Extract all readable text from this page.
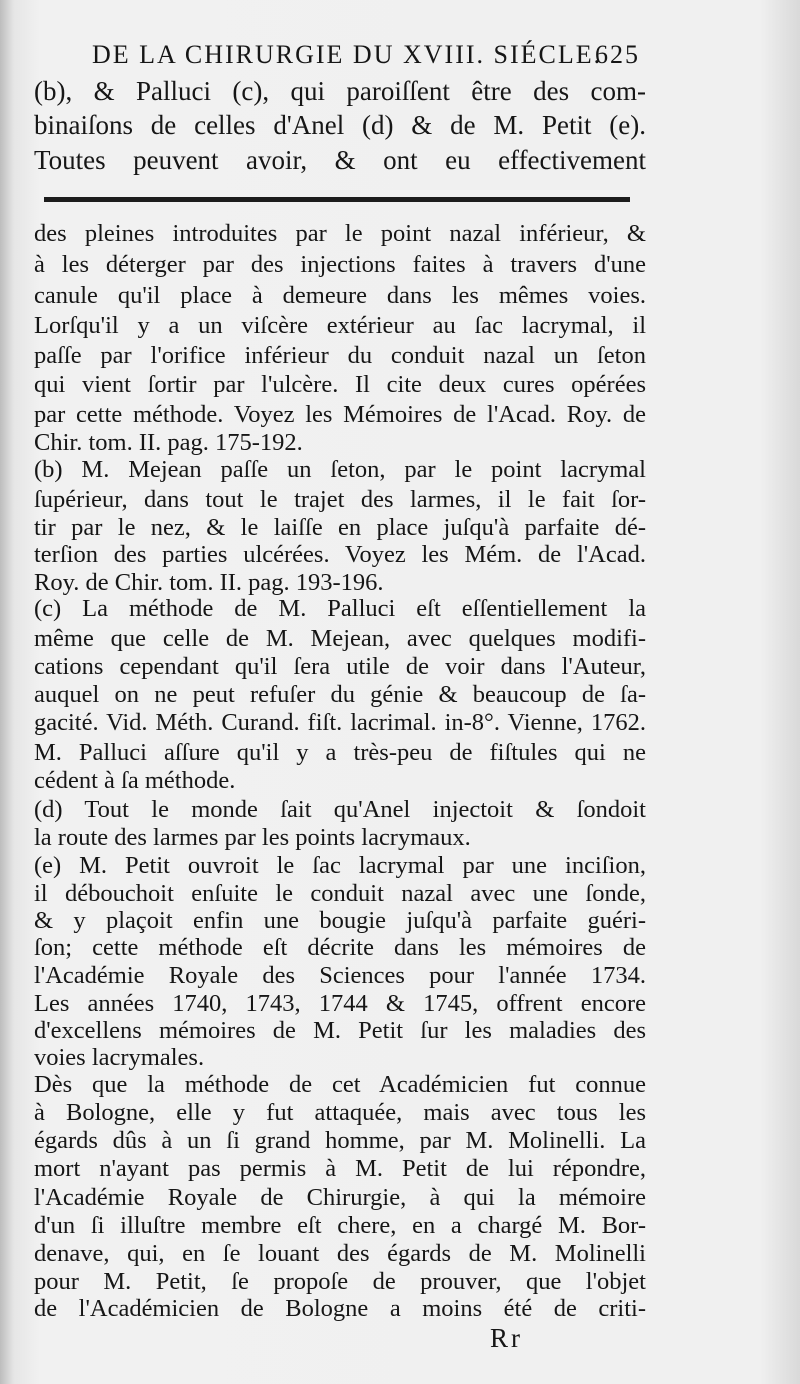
DE LA CHIRURGIE DU XVIII. SIÉCLE.
625
(b), & Palluci (c), qui paroiſſent être des com-
binaiſons de celles d'Anel (d) & de M. Petit (e).
Toutes peuvent avoir, & ont eu effectivement
des pleines introduites par le point nazal inférieur, &
à les déterger par des injections faites à travers d'une
canule qu'il place à demeure dans les mêmes voies.
Lorſqu'il y a un viſcère extérieur au ſac lacrymal, il
paſſe par l'orifice inférieur du conduit nazal un ſeton
qui vient ſortir par l'ulcère. Il cite deux cures opérées
par cette méthode. Voyez les Mémoires de l'Acad. Roy. de
Chir. tom. II. pag. 175-192.
(b) M. Mejean paſſe un ſeton, par le point lacrymal
ſupérieur, dans tout le trajet des larmes, il le fait ſor-
tir par le nez, & le laiſſe en place juſqu'à parfaite dé-
terſion des parties ulcérées. Voyez les Mém. de l'Acad.
Roy. de Chir. tom. II. pag. 193-196.
(c) La méthode de M. Palluci eſt eſſentiellement la
même que celle de M. Mejean, avec quelques modifi-
cations cependant qu'il ſera utile de voir dans l'Auteur,
auquel on ne peut refuſer du génie & beaucoup de ſa-
gacité. Vid. Méth. Curand. fiſt. lacrimal. in-8°. Vienne, 1762.
M. Palluci aſſure qu'il y a très-peu de fiſtules qui ne
cédent à ſa méthode.
(d) Tout le monde ſait qu'Anel injectoit & ſondoit
la route des larmes par les points lacrymaux.
(e) M. Petit ouvroit le ſac lacrymal par une inciſion,
il débouchoit enſuite le conduit nazal avec une ſonde,
& y plaçoit enfin une bougie juſqu'à parfaite guéri-
ſon; cette méthode eſt décrite dans les mémoires de
l'Académie Royale des Sciences pour l'année 1734.
Les années 1740, 1743, 1744 & 1745, offrent encore
d'excellens mémoires de M. Petit ſur les maladies des
voies lacrymales.
Dès que la méthode de cet Académicien fut connue
à Bologne, elle y fut attaquée, mais avec tous les
égards dûs à un ſi grand homme, par M. Molinelli. La
mort n'ayant pas permis à M. Petit de lui répondre,
l'Académie Royale de Chirurgie, à qui la mémoire
d'un ſi illuſtre membre eſt chere, en a chargé M. Bor-
denave, qui, en ſe louant des égards de M. Molinelli
pour M. Petit, ſe propoſe de prouver, que l'objet
de l'Académicien de Bologne a moins été de criti-
Rr
